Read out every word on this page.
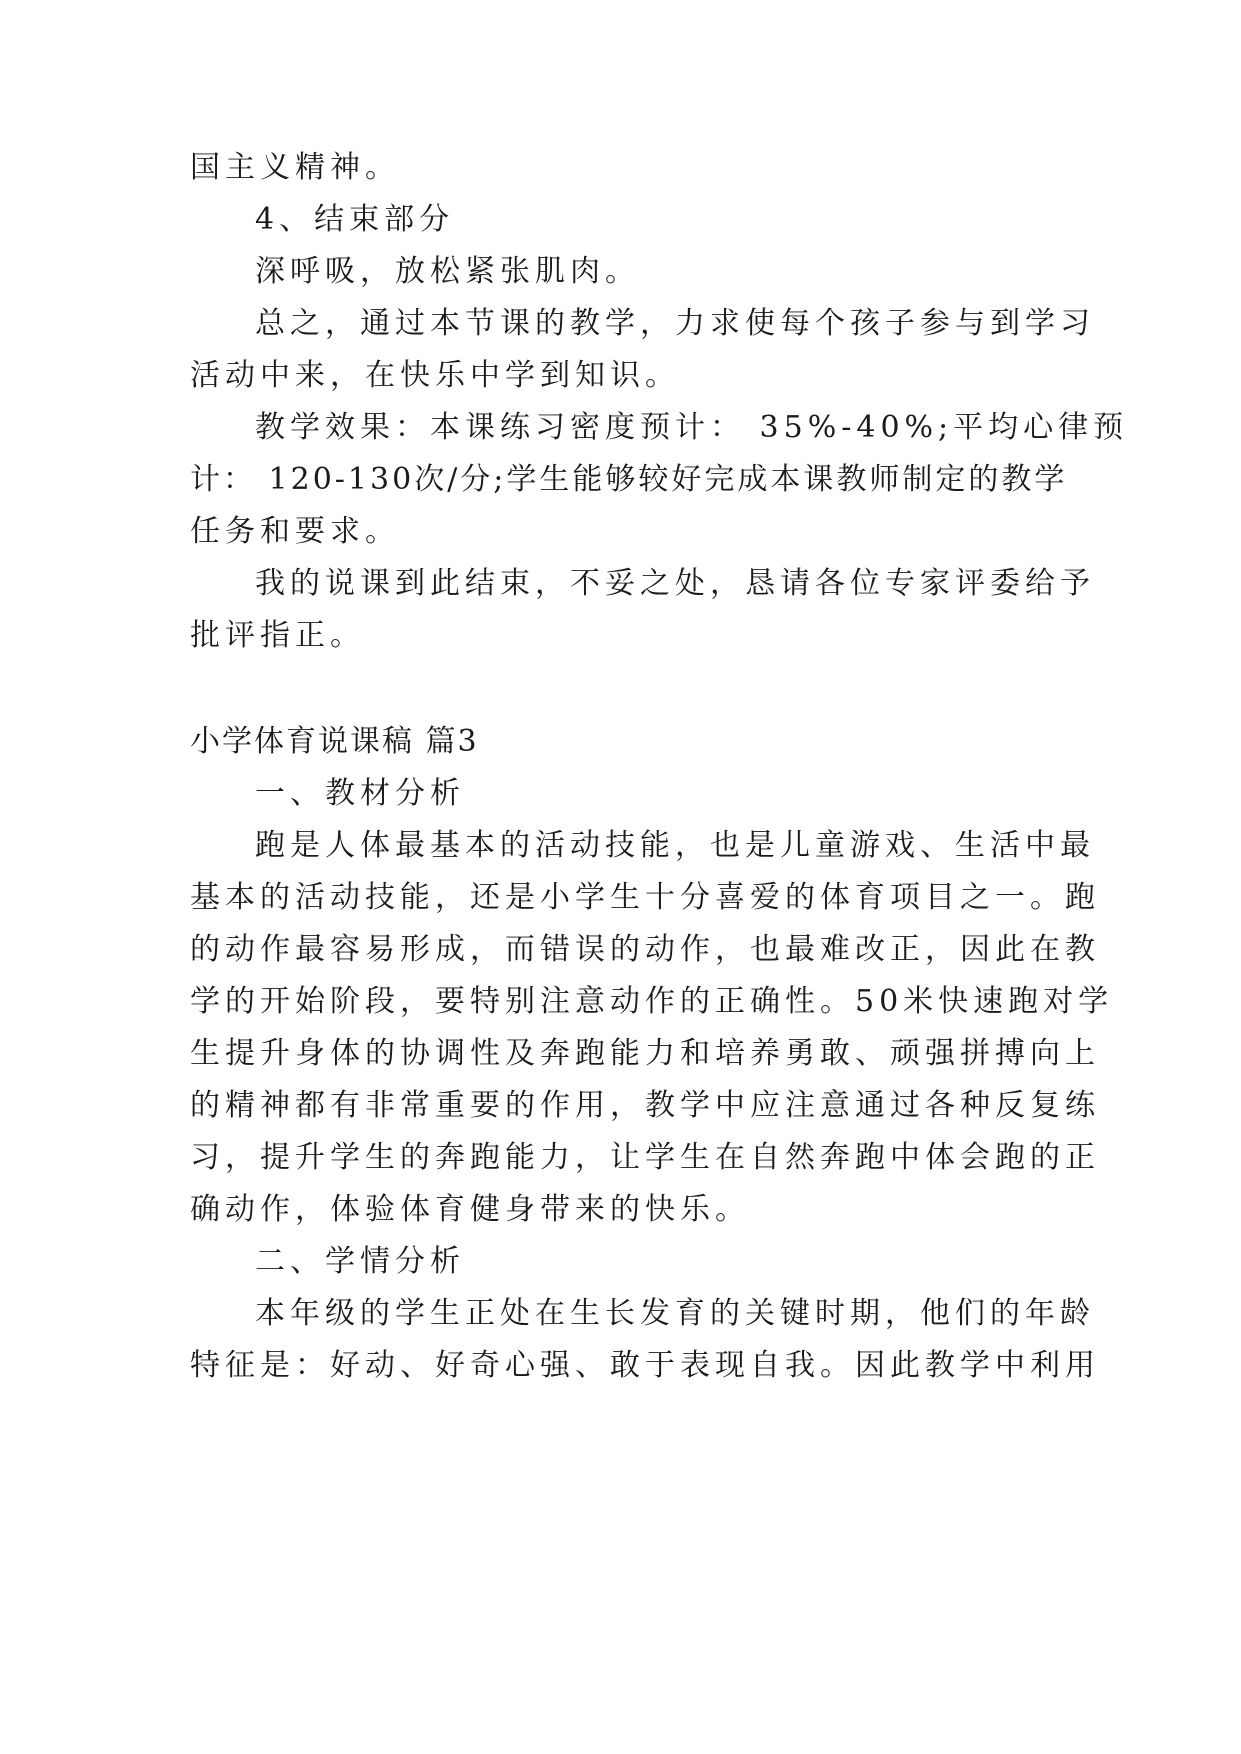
国主义精神。
4、结束部分
深呼吸，放松紧张肌肉。
总之，通过本节课的教学，力求使每个孩子参与到学习
活动中来，在快乐中学到知识。
教学效果：本课练习密度预计： 35%-40%;平均心律预
计： 120-130次/分;学生能够较好完成本课教师制定的教学
任务和要求。
我的说课到此结束，不妥之处，恳请各位专家评委给予
批评指正。
小学体育说课稿 篇3
一、教材分析
跑是人体最基本的活动技能，也是儿童游戏、生活中最
基本的活动技能，还是小学生十分喜爱的体育项目之一。跑
的动作最容易形成，而错误的动作，也最难改正，因此在教
学的开始阶段，要特别注意动作的正确性。50米快速跑对学
生提升身体的协调性及奔跑能力和培养勇敢、顽强拼搏向上
的精神都有非常重要的作用，教学中应注意通过各种反复练
习，提升学生的奔跑能力，让学生在自然奔跑中体会跑的正
确动作，体验体育健身带来的快乐。
二、学情分析
本年级的学生正处在生长发育的关键时期，他们的年龄
特征是：好动、好奇心强、敢于表现自我。因此教学中利用
